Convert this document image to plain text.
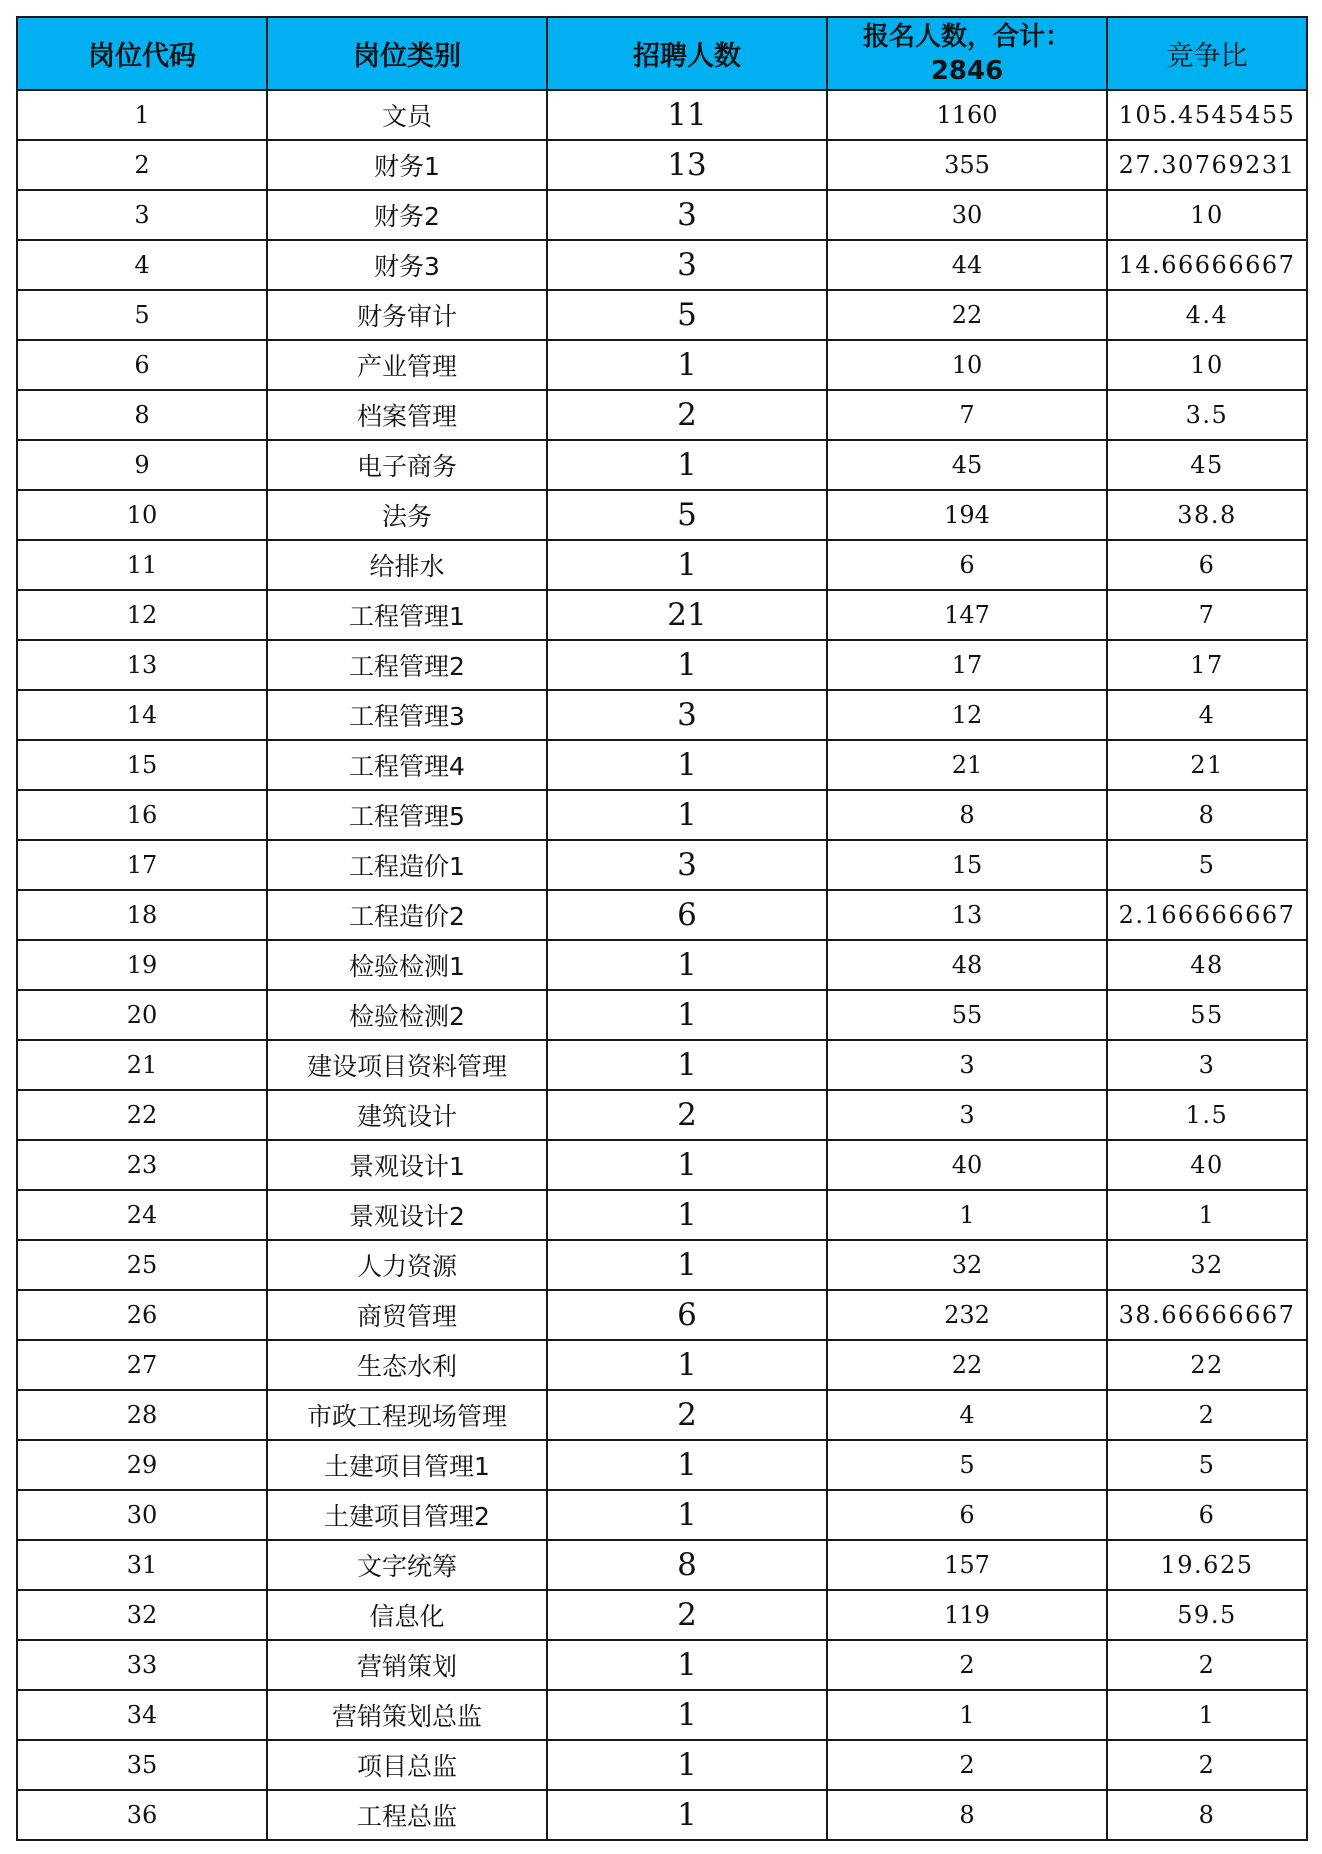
岗位代码	岗位类别	招聘人数	报名人数，合计：2846	竞争比
1	文员	11	1160	105.4545455
2	财务1	13	355	27.30769231
3	财务2	3	30	10
4	财务3	3	44	14.66666667
5	财务审计	5	22	4.4
6	产业管理	1	10	10
8	档案管理	2	7	3.5
9	电子商务	1	45	45
10	法务	5	194	38.8
11	给排水	1	6	6
12	工程管理1	21	147	7
13	工程管理2	1	17	17
14	工程管理3	3	12	4
15	工程管理4	1	21	21
16	工程管理5	1	8	8
17	工程造价1	3	15	5
18	工程造价2	6	13	2.166666667
19	检验检测1	1	48	48
20	检验检测2	1	55	55
21	建设项目资料管理	1	3	3
22	建筑设计	2	3	1.5
23	景观设计1	1	40	40
24	景观设计2	1	1	1
25	人力资源	1	32	32
26	商贸管理	6	232	38.66666667
27	生态水利	1	22	22
28	市政工程现场管理	2	4	2
29	土建项目管理1	1	5	5
30	土建项目管理2	1	6	6
31	文字统筹	8	157	19.625
32	信息化	2	119	59.5
33	营销策划	1	2	2
34	营销策划总监	1	1	1
35	项目总监	1	2	2
36	工程总监	1	8	8
